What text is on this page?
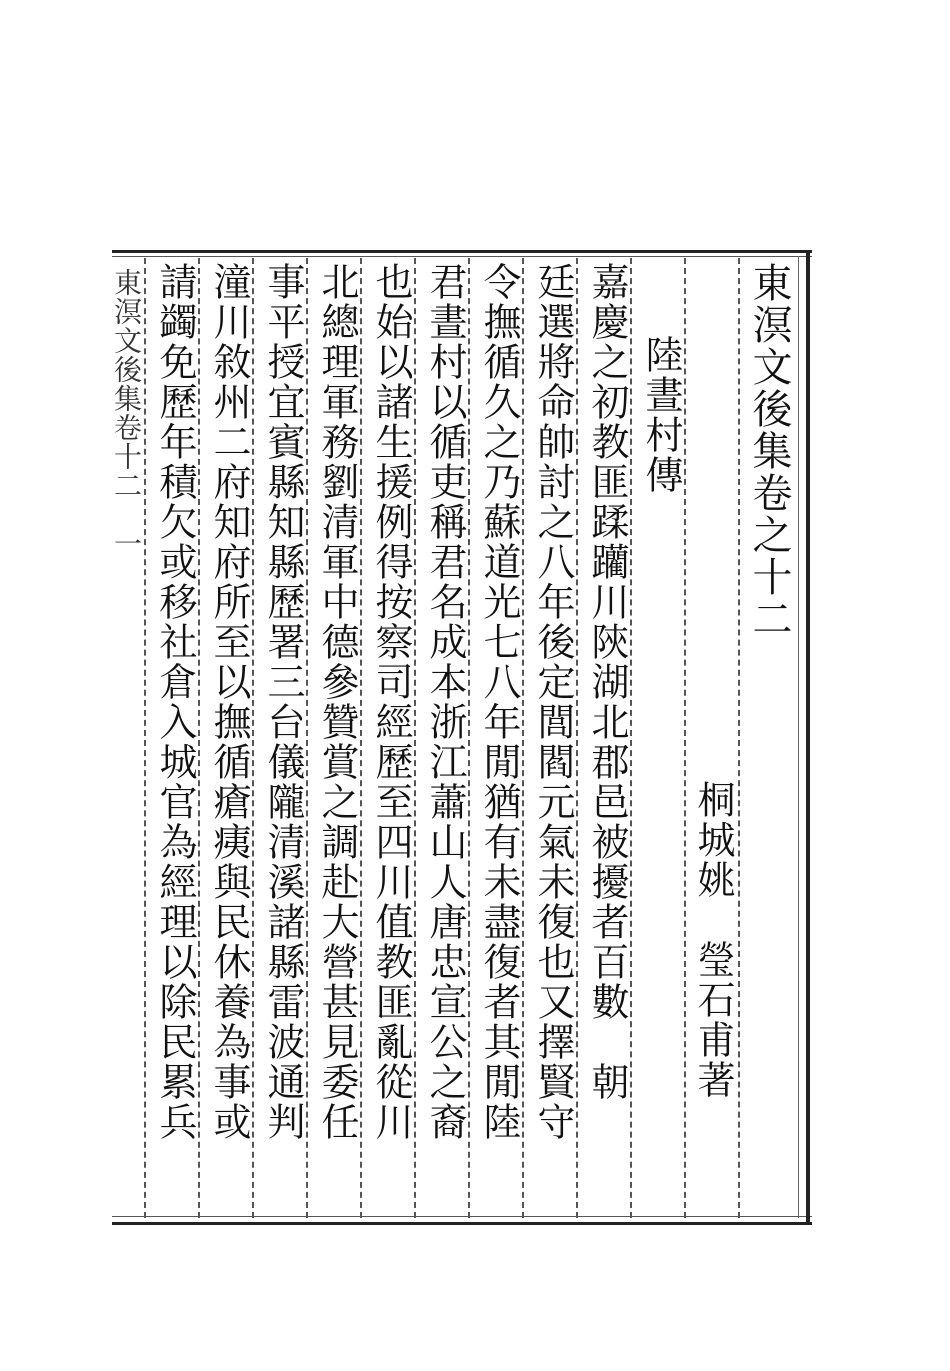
東溟文後集卷之十二
桐城姚
瑩石甫著
陸晝村傳
嘉慶之初教匪蹂躪川陝湖北郡邑被擾者百數　朝
廷選將命帥討之八年後定閭閻元氣未復也又擇賢守
令撫循久之乃蘇道光七八年閒猶有未盡復者其閒陸
君晝村以循吏稱君名成本浙江蕭山人唐忠宣公之裔
也始以諸生援例得按察司經歷至四川值教匪亂從川
北總理軍務劉清軍中德參贊賞之調赴大營甚見委任
事平授宜賓縣知縣歷署三台儀隴清溪諸縣雷波通判
潼川敘州二府知府所至以撫循瘡痍與民休養為事或
請蠲免歷年積欠或移社倉入城官為經理以除民累兵
東溟文後集卷十二　一
